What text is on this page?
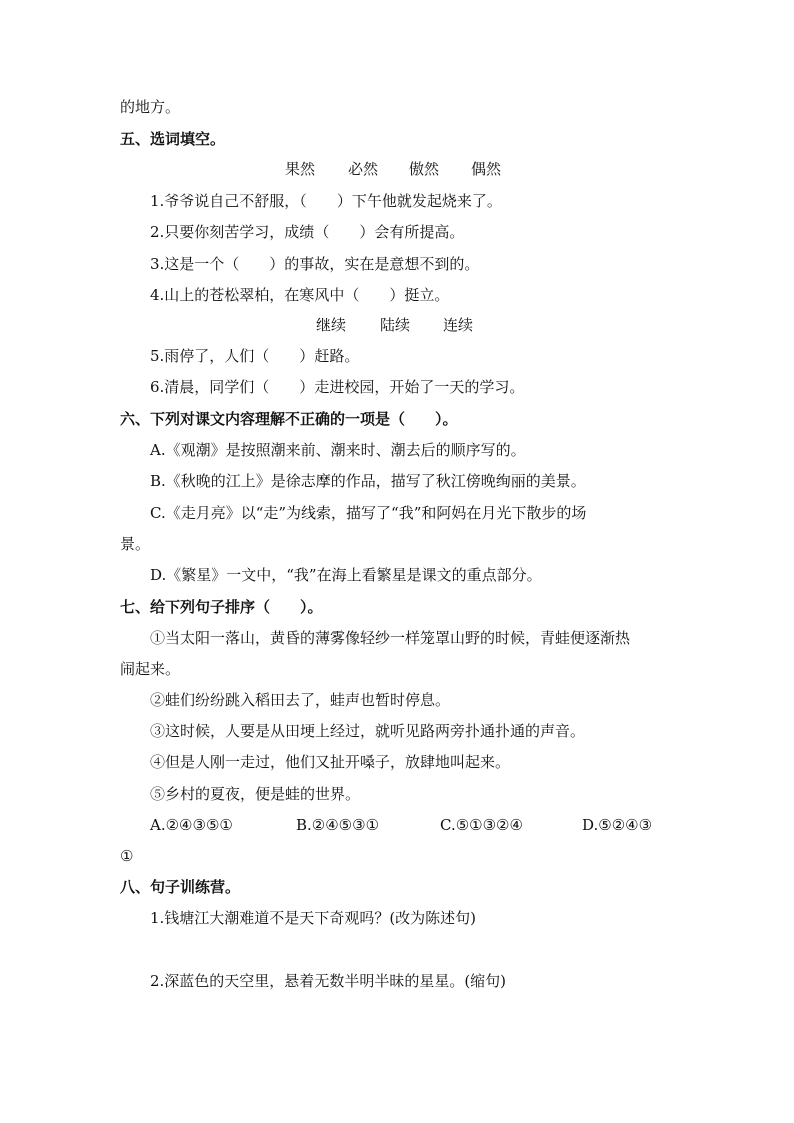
的地方。
五、选词填空。
果然 必然 傲然 偶然
1.爷爷说自己不舒服，（　　）下午他就发起烧来了。
2.只要你刻苦学习，成绩（　　）会有所提高。
3.这是一个（　　）的事故，实在是意想不到的。
4.山上的苍松翠柏，在寒风中（　　）挺立。
继续 陆续 连续
5.雨停了，人们（　　）赶路。
6.清晨，同学们（　　）走进校园，开始了一天的学习。
六、下列对课文内容理解不正确的一项是（　　）。
A.《观潮》是按照潮来前、潮来时、潮去后的顺序写的。
B.《秋晚的江上》是徐志摩的作品，描写了秋江傍晚绚丽的美景。
C.《走月亮》以“走”为线索，描写了“我”和阿妈在月光下散步的场
景。
D.《繁星》一文中，“我”在海上看繁星是课文的重点部分。
七、给下列句子排序（　　）。
①当太阳一落山，黄昏的薄雾像轻纱一样笼罩山野的时候，青蛙便逐渐热
闹起来。
②蛙们纷纷跳入稻田去了，蛙声也暂时停息。
③这时候，人要是从田埂上经过，就听见路两旁扑通扑通的声音。
④但是人刚一走过，他们又扯开嗓子，放肆地叫起来。
⑤乡村的夏夜，便是蛙的世界。
A.②④③⑤①	B.②④⑤③①	C.⑤①③②④	D.⑤②④③
①
八、句子训练营。
1.钱塘江大潮难道不是天下奇观吗？(改为陈述句)
2.深蓝色的天空里，悬着无数半明半昧的星星。(缩句)
